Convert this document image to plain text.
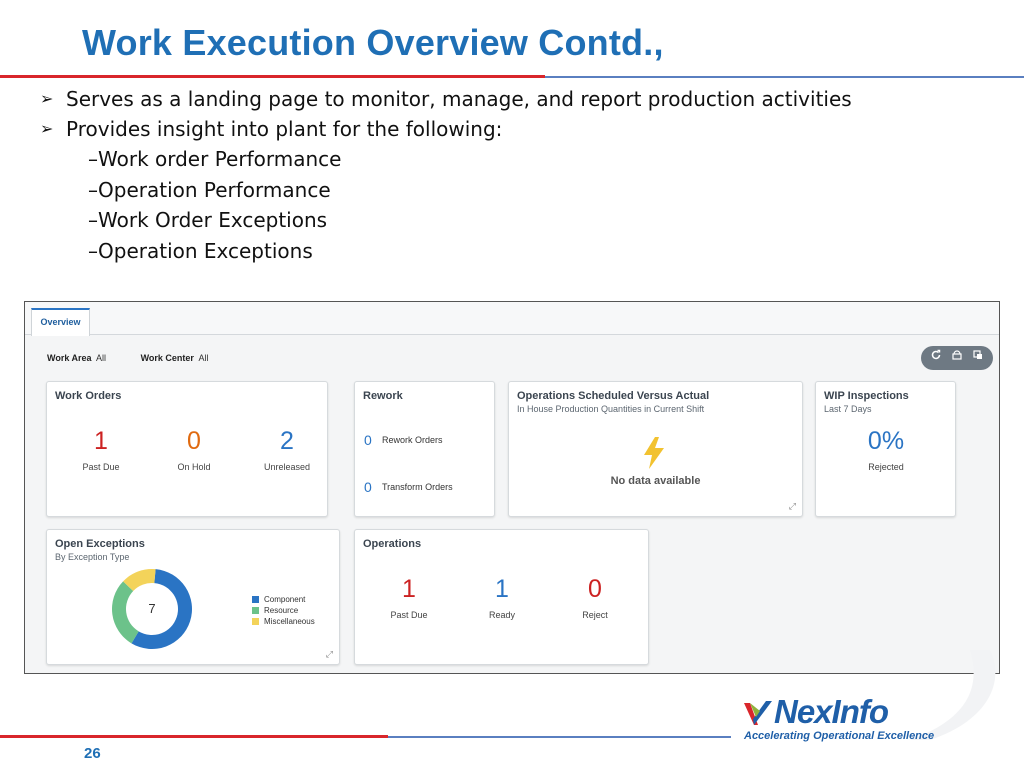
Work Execution Overview Contd.,
➢ Serves as a landing page to monitor, manage, and report production activities
➢ Provides insight into plant for the following:
–Work order Performance
–Operation Performance
–Work Order Exceptions
–Operation Exceptions
Overview
Work Area All	Work Center All
Work Orders
1
Past Due
0
On Hold
2
Unreleased
Rework
0	Rework Orders
0	Transform Orders
Operations Scheduled Versus Actual
In House Production Quantities in Current Shift
No data available
⤢
WIP Inspections
Last 7 Days
0%
Rejected
Open Exceptions
By Exception Type
7
Component
Resource
Miscellaneous
⤢
Operations
1
Past Due
1
Ready
0
Reject
26
NexInfo
Accelerating Operational Excellence
